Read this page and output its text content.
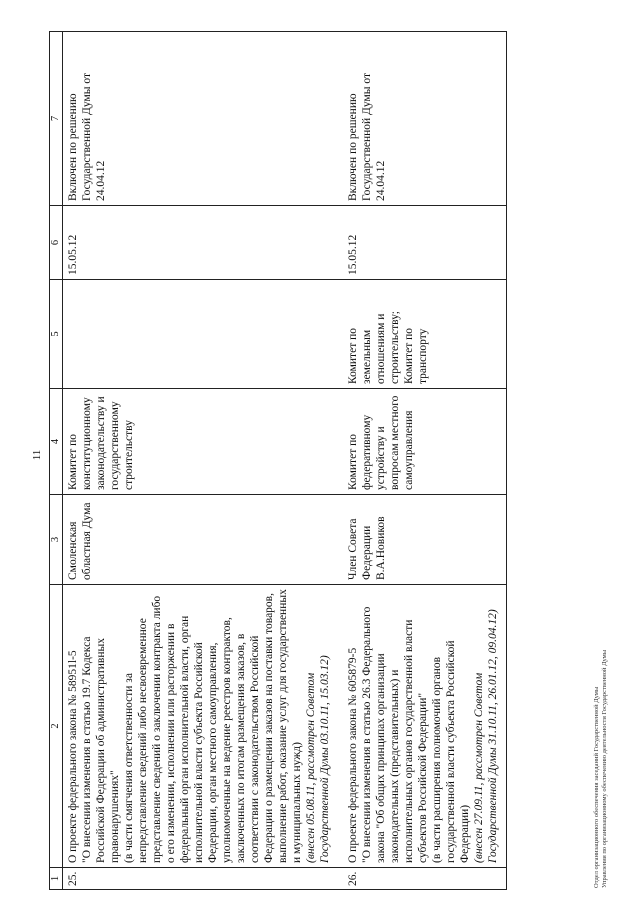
11
1	2	3	4	5	6	7
25.	О проекте федерального закона № 58951l-5 "О внесении изменения в статью 19.7 Кодекса Российской Федерации об административных правонарушениях" (в части смягчения ответственности за непредставление сведений либо несвоевременное представление сведений о заключении контракта либо о его изменении, исполнении или расторжении в федеральный орган исполнительной власти, орган исполнительной власти субъекта Российской Федерации, орган местного самоуправления, уполномоченные на ведение реестров контрактов, заключенных по итогам размещения заказов, в соответствии с законодательством Российской Федерации о размещении заказов на поставки товаров, выполнение работ, оказание услуг для государственных и муниципальных нужд) (внесен 05.08.11, рассмотрен Советом Государственной Думы 03.10.11, 15.03.12)	Смоленская областная Дума	Комитет по конституционному законодательству и государственному строительству		15.05.12	Включен по решению Государственной Думы от 24.04.12

26.	О проекте федерального закона № 605879-5 "О внесении изменения в статью 26.3 Федерального закона "Об общих принципах организации законодательных (представительных) и исполнительных органов государственной власти субъектов Российской Федерации" (в части расширения полномочий органов государственной власти субъекта Российской Федерации) (внесен 27.09.11, рассмотрен Советом Государственной Думы 31.10.11, 26.01.12, 09.04.12)	Член Совета Федерации В.А.Новиков	Комитет по федеративному устройству и вопросам местного самоуправления	Комитет по земельным отношениям и строительству; Комитет по транспорту	15.05.12	Включен по решению Государственной Думы от 24.04.12
Отдел организационного обеспечения заседаний Государственной Думы Управления по организационному обеспечению деятельности Государственной Думы
